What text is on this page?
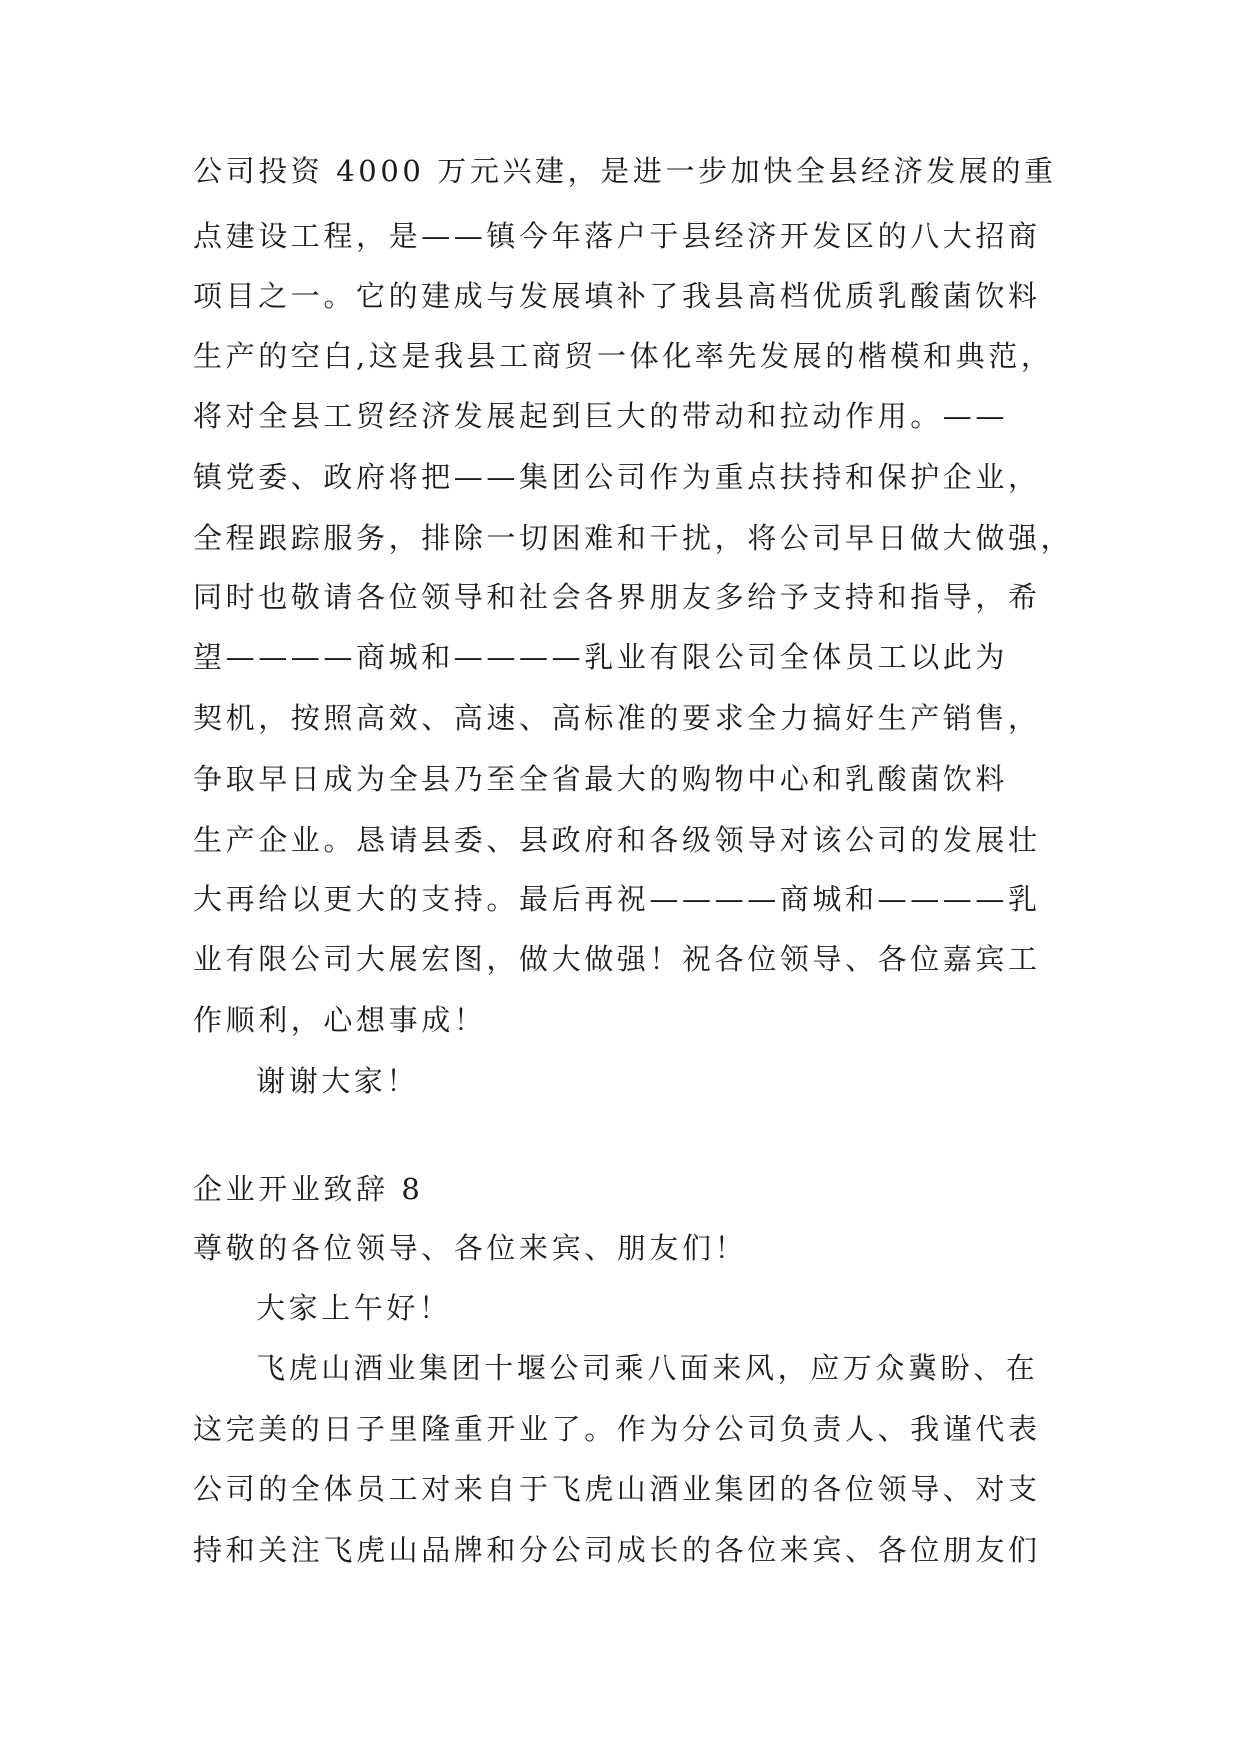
公司投资 4000 万元兴建，是进一步加快全县经济发展的重
点建设工程，是——镇今年落户于县经济开发区的八大招商
项目之一。它的建成与发展填补了我县高档优质乳酸菌饮料
生产的空白,这是我县工商贸一体化率先发展的楷模和典范，
将对全县工贸经济发展起到巨大的带动和拉动作用。——
镇党委、政府将把——集团公司作为重点扶持和保护企业，
全程跟踪服务，排除一切困难和干扰，将公司早日做大做强，
同时也敬请各位领导和社会各界朋友多给予支持和指导，希
望————商城和————乳业有限公司全体员工以此为
契机，按照高效、高速、高标准的要求全力搞好生产销售，
争取早日成为全县乃至全省最大的购物中心和乳酸菌饮料
生产企业。恳请县委、县政府和各级领导对该公司的发展壮
大再给以更大的支持。最后再祝————商城和————乳
业有限公司大展宏图，做大做强！祝各位领导、各位嘉宾工
作顺利，心想事成！
谢谢大家！
企业开业致辞 8
尊敬的各位领导、各位来宾、朋友们！
大家上午好！
飞虎山酒业集团十堰公司乘八面来风，应万众冀盼、在
这完美的日子里隆重开业了。作为分公司负责人、我谨代表
公司的全体员工对来自于飞虎山酒业集团的各位领导、对支
持和关注飞虎山品牌和分公司成长的各位来宾、各位朋友们
